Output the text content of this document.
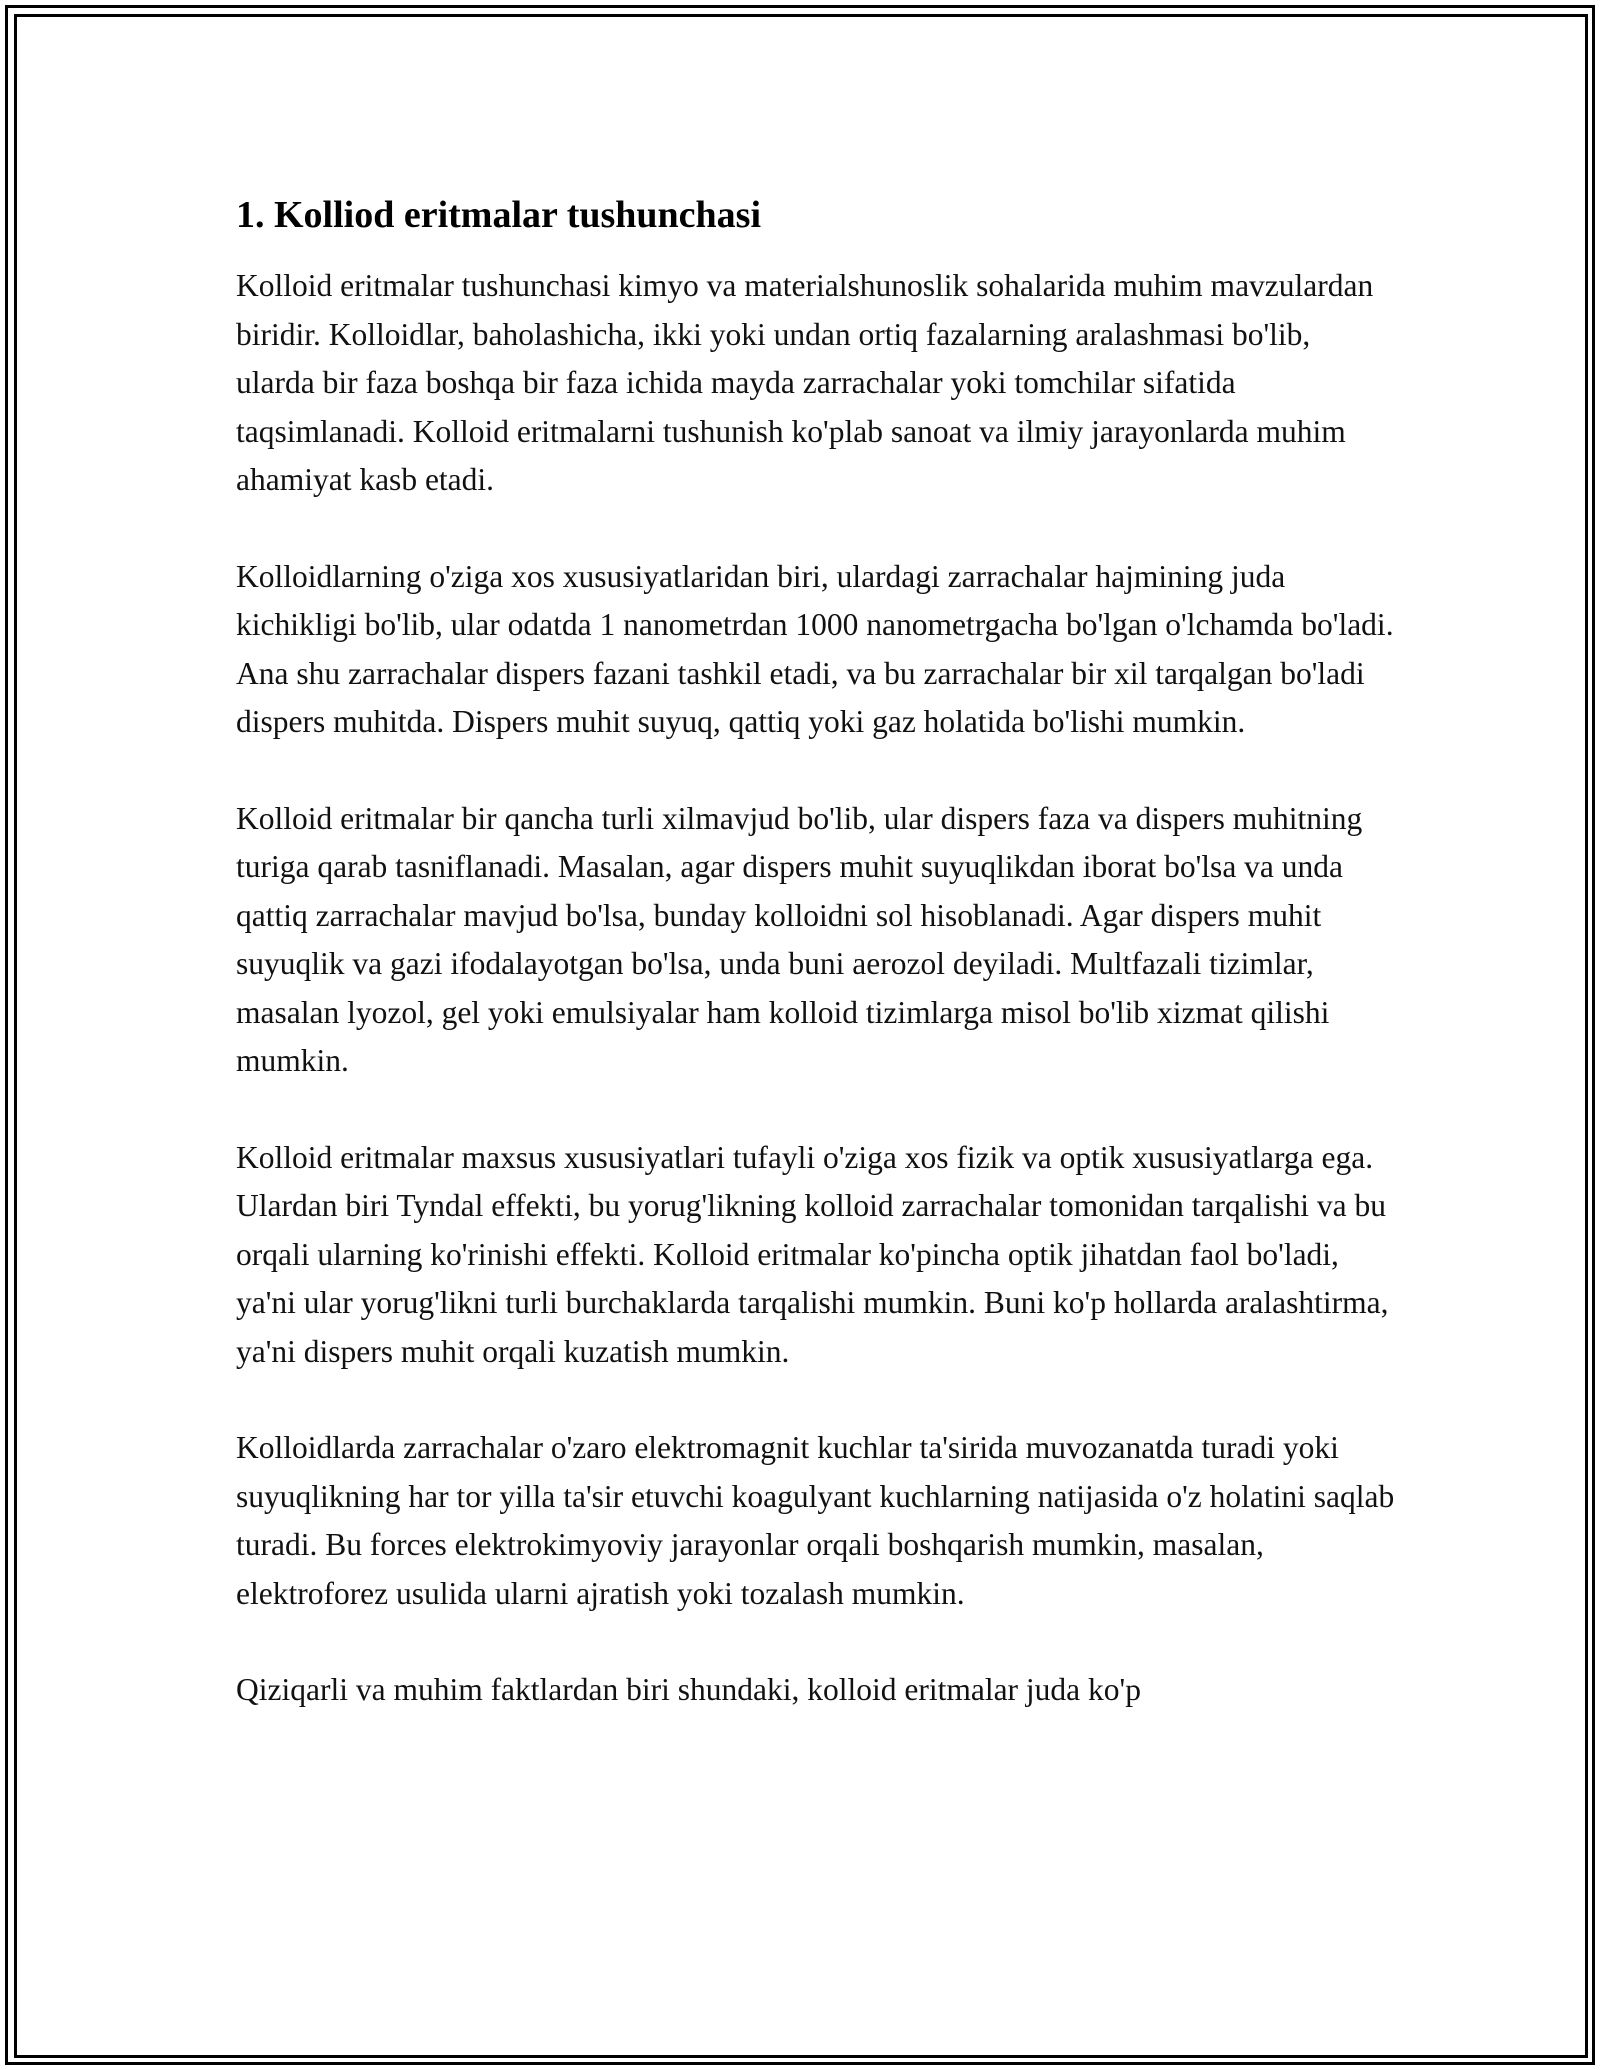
1. Kolliod eritmalar tushunchasi

Kolloid eritmalar tushunchasi kimyo va materialshunoslik sohalarida muhim mavzulardan biridir. Kolloidlar, baholashicha, ikki yoki undan ortiq fazalarning aralashmasi bo'lib, ularda bir faza boshqa bir faza ichida mayda zarrachalar yoki tomchilar sifatida taqsimlanadi. Kolloid eritmalarni tushunish ko'plab sanoat va ilmiy jarayonlarda muhim ahamiyat kasb etadi.

Kolloidlarning o'ziga xos xususiyatlaridan biri, ulardagi zarrachalar hajmining juda kichikligi bo'lib, ular odatda 1 nanometrdan 1000 nanometrgacha bo'lgan o'lchamda bo'ladi. Ana shu zarrachalar dispers fazani tashkil etadi, va bu zarrachalar bir xil tarqalgan bo'ladi dispers muhitda. Dispers muhit suyuq, qattiq yoki gaz holatida bo'lishi mumkin.

Kolloid eritmalar bir qancha turli xilmavjud bo'lib, ular dispers faza va dispers muhitning turiga qarab tasniflanadi. Masalan, agar dispers muhit suyuqlikdan iborat bo'lsa va unda qattiq zarrachalar mavjud bo'lsa, bunday kolloidni sol hisoblanadi. Agar dispers muhit suyuqlik va gazi ifodalayotgan bo'lsa, unda buni aerozol deyiladi. Multfazali tizimlar, masalan lyozol, gel yoki emulsiyalar ham kolloid tizimlarga misol bo'lib xizmat qilishi mumkin.

Kolloid eritmalar maxsus xususiyatlari tufayli o'ziga xos fizik va optik xususiyatlarga ega. Ulardan biri Tyndal effekti, bu yorug'likning kolloid zarrachalar tomonidan tarqalishi va bu orqali ularning ko'rinishi effekti. Kolloid eritmalar ko'pincha optik jihatdan faol bo'ladi, ya'ni ular yorug'likni turli burchaklarda tarqalishi mumkin. Buni ko'p hollarda aralashtirma, ya'ni dispers muhit orqali kuzatish mumkin.

Kolloidlarda zarrachalar o'zaro elektromagnit kuchlar ta'sirida muvozanatda turadi yoki suyuqlikning har tor yilla ta'sir etuvchi koagulyant kuchlarning natijasida o'z holatini saqlab turadi. Bu forces elektrokimyoviy jarayonlar orqali boshqarish mumkin, masalan, elektroforez usulida ularni ajratish yoki tozalash mumkin.

Qiziqarli va muhim faktlardan biri shundaki, kolloid eritmalar juda ko'p
